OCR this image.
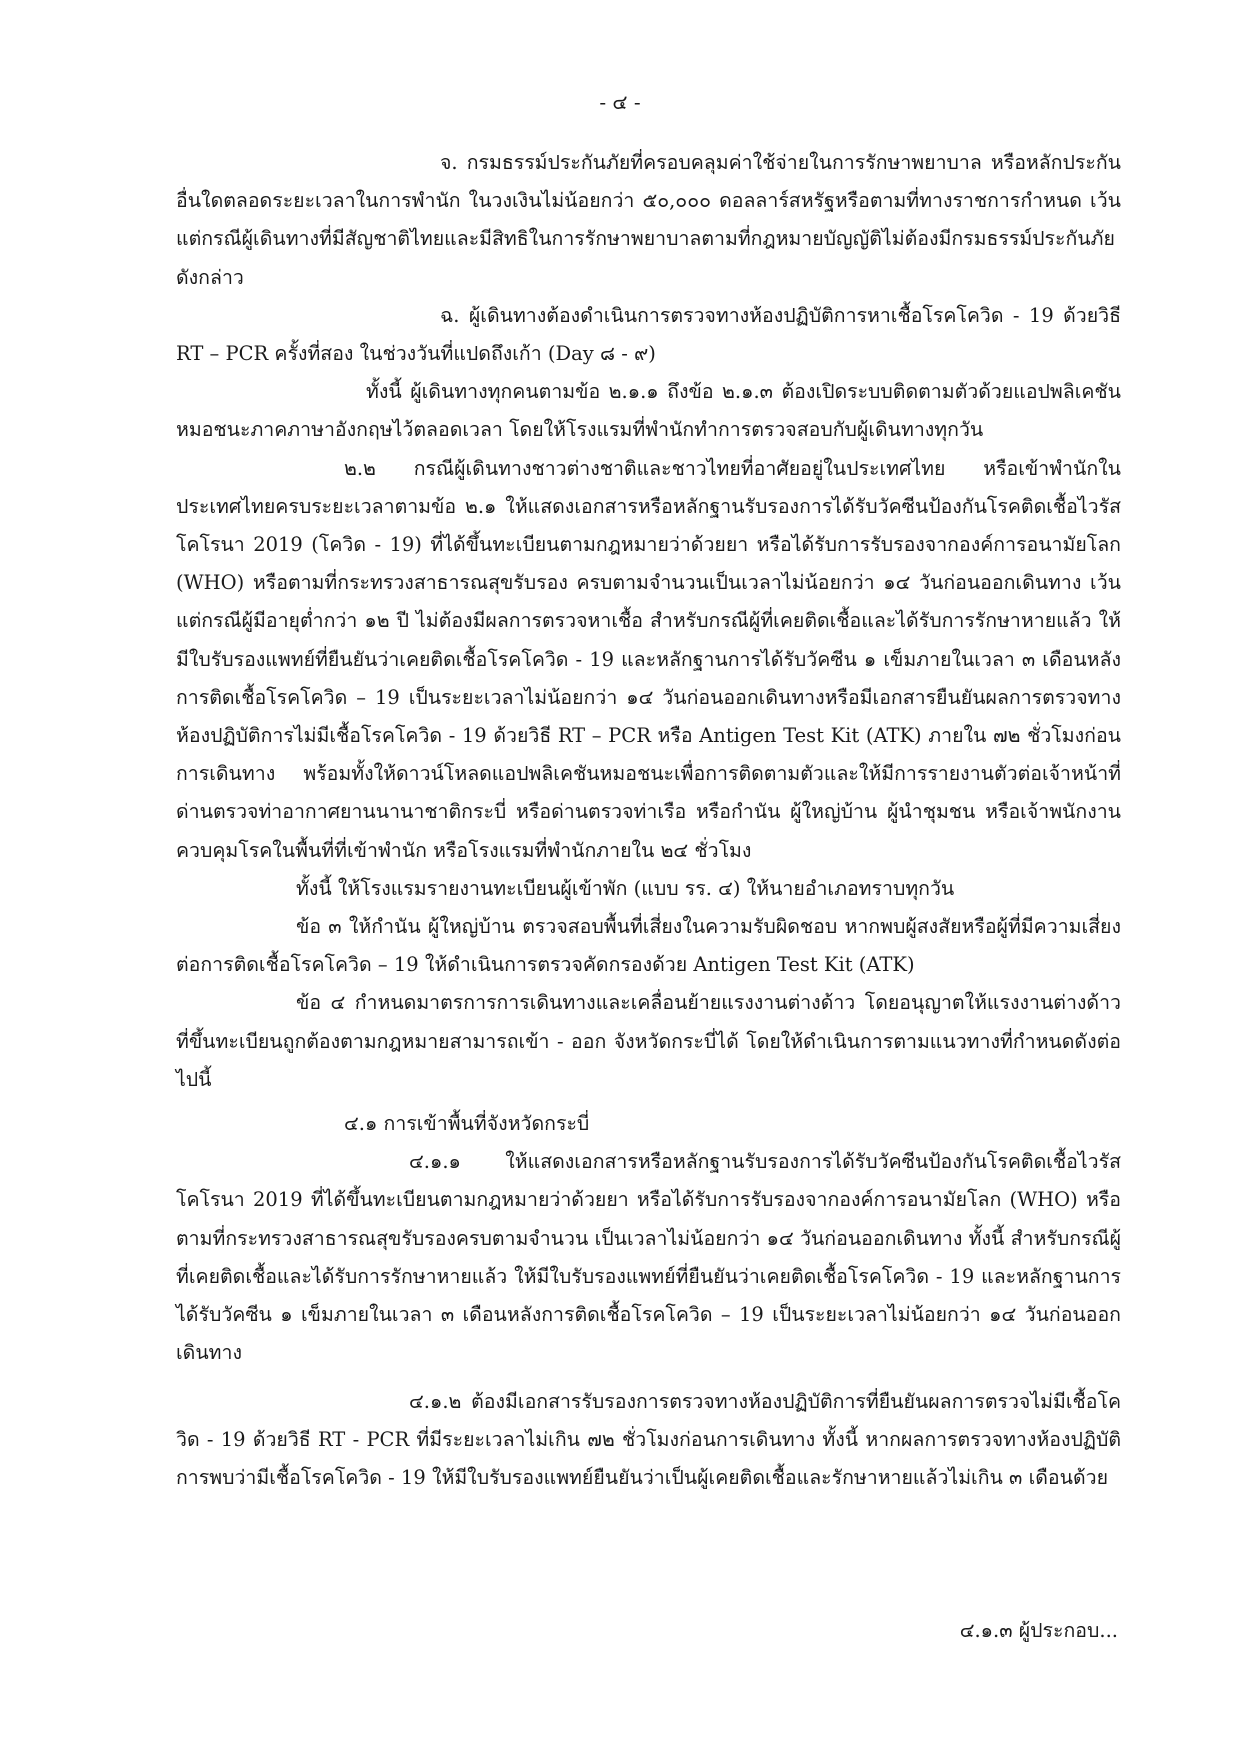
- ๔ -

จ. กรมธรรม์ประกันภัยที่ครอบคลุมค่าใช้จ่ายในการรักษาพยาบาล หรือหลักประกันอื่นใดตลอดระยะเวลาในการพำนัก ในวงเงินไม่น้อยกว่า ๕๐,๐๐๐ ดอลลาร์สหรัฐหรือตามที่ทางราชการกำหนด เว้นแต่กรณีผู้เดินทางที่มีสัญชาติไทยและมีสิทธิในการรักษาพยาบาลตามที่กฎหมายบัญญัติไม่ต้องมีกรมธรรม์ประกันภัยดังกล่าว

ฉ. ผู้เดินทางต้องดำเนินการตรวจทางห้องปฏิบัติการหาเชื้อโรคโควิด - 19 ด้วยวิธี RT – PCR ครั้งที่สอง ในช่วงวันที่แปดถึงเก้า (Day ๘ - ๙)

ทั้งนี้ ผู้เดินทางทุกคนตามข้อ ๒.๑.๑ ถึงข้อ ๒.๑.๓ ต้องเปิดระบบติดตามตัวด้วยแอปพลิเคชันหมอชนะภาคภาษาอังกฤษไว้ตลอดเวลา โดยให้โรงแรมที่พำนักทำการตรวจสอบกับผู้เดินทางทุกวัน

๒.๒ กรณีผู้เดินทางชาวต่างชาติและชาวไทยที่อาศัยอยู่ในประเทศไทย หรือเข้าพำนักในประเทศไทยครบระยะเวลาตามข้อ ๒.๑ ให้แสดงเอกสารหรือหลักฐานรับรองการได้รับวัคซีนป้องกันโรคติดเชื้อไวรัสโคโรนา 2019 (โควิด - 19) ที่ได้ขึ้นทะเบียนตามกฎหมายว่าด้วยยา หรือได้รับการรับรองจากองค์การอนามัยโลก (WHO) หรือตามที่กระทรวงสาธารณสุขรับรอง ครบตามจำนวนเป็นเวลาไม่น้อยกว่า ๑๔ วันก่อนออกเดินทาง เว้นแต่กรณีผู้มีอายุต่ำกว่า ๑๒ ปี ไม่ต้องมีผลการตรวจหาเชื้อ สำหรับกรณีผู้ที่เคยติดเชื้อและได้รับการรักษาหายแล้ว ให้มีใบรับรองแพทย์ที่ยืนยันว่าเคยติดเชื้อโรคโควิด - 19 และหลักฐานการได้รับวัคซีน ๑ เข็มภายในเวลา ๓ เดือนหลังการติดเชื้อโรคโควิด – 19 เป็นระยะเวลาไม่น้อยกว่า ๑๔ วันก่อนออกเดินทางหรือมีเอกสารยืนยันผลการตรวจทางห้องปฏิบัติการไม่มีเชื้อโรคโควิด - 19 ด้วยวิธี RT – PCR หรือ Antigen Test Kit (ATK) ภายใน ๗๒ ชั่วโมงก่อนการเดินทาง พร้อมทั้งให้ดาวน์โหลดแอปพลิเคชันหมอชนะเพื่อการติดตามตัวและให้มีการรายงานตัวต่อเจ้าหน้าที่ด่านตรวจท่าอากาศยานนานาชาติกระบี่ หรือด่านตรวจท่าเรือ หรือกำนัน ผู้ใหญ่บ้าน ผู้นำชุมชน หรือเจ้าพนักงานควบคุมโรคในพื้นที่ที่เข้าพำนัก หรือโรงแรมที่พำนักภายใน ๒๔ ชั่วโมง

ทั้งนี้ ให้โรงแรมรายงานทะเบียนผู้เข้าพัก (แบบ รร. ๔) ให้นายอำเภอทราบทุกวัน

ข้อ ๓ ให้กำนัน ผู้ใหญ่บ้าน ตรวจสอบพื้นที่เสี่ยงในความรับผิดชอบ หากพบผู้สงสัยหรือผู้ที่มีความเสี่ยงต่อการติดเชื้อโรคโควิด – 19 ให้ดำเนินการตรวจคัดกรองด้วย Antigen Test Kit (ATK)

ข้อ ๔ กำหนดมาตรการการเดินทางและเคลื่อนย้ายแรงงานต่างด้าว โดยอนุญาตให้แรงงานต่างด้าวที่ขึ้นทะเบียนถูกต้องตามกฎหมายสามารถเข้า - ออก จังหวัดกระบี่ได้ โดยให้ดำเนินการตามแนวทางที่กำหนดดังต่อไปนี้

๔.๑ การเข้าพื้นที่จังหวัดกระบี่

๔.๑.๑ ให้แสดงเอกสารหรือหลักฐานรับรองการได้รับวัคซีนป้องกันโรคติดเชื้อไวรัสโคโรนา 2019 ที่ได้ขึ้นทะเบียนตามกฎหมายว่าด้วยยา หรือได้รับการรับรองจากองค์การอนามัยโลก (WHO) หรือตามที่กระทรวงสาธารณสุขรับรองครบตามจำนวน เป็นเวลาไม่น้อยกว่า ๑๔ วันก่อนออกเดินทาง ทั้งนี้ สำหรับกรณีผู้ที่เคยติดเชื้อและได้รับการรักษาหายแล้ว ให้มีใบรับรองแพทย์ที่ยืนยันว่าเคยติดเชื้อโรคโควิด - 19 และหลักฐานการได้รับวัคซีน ๑ เข็มภายในเวลา ๓ เดือนหลังการติดเชื้อโรคโควิด – 19 เป็นระยะเวลาไม่น้อยกว่า ๑๔ วันก่อนออกเดินทาง

๔.๑.๒ ต้องมีเอกสารรับรองการตรวจทางห้องปฏิบัติการที่ยืนยันผลการตรวจไม่มีเชื้อโควิด - 19 ด้วยวิธี RT - PCR ที่มีระยะเวลาไม่เกิน ๗๒ ชั่วโมงก่อนการเดินทาง ทั้งนี้ หากผลการตรวจทางห้องปฏิบัติการพบว่ามีเชื้อโรคโควิด - 19 ให้มีใบรับรองแพทย์ยืนยันว่าเป็นผู้เคยติดเชื้อและรักษาหายแล้วไม่เกิน ๓ เดือนด้วย

๔.๑.๓ ผู้ประกอบ...
